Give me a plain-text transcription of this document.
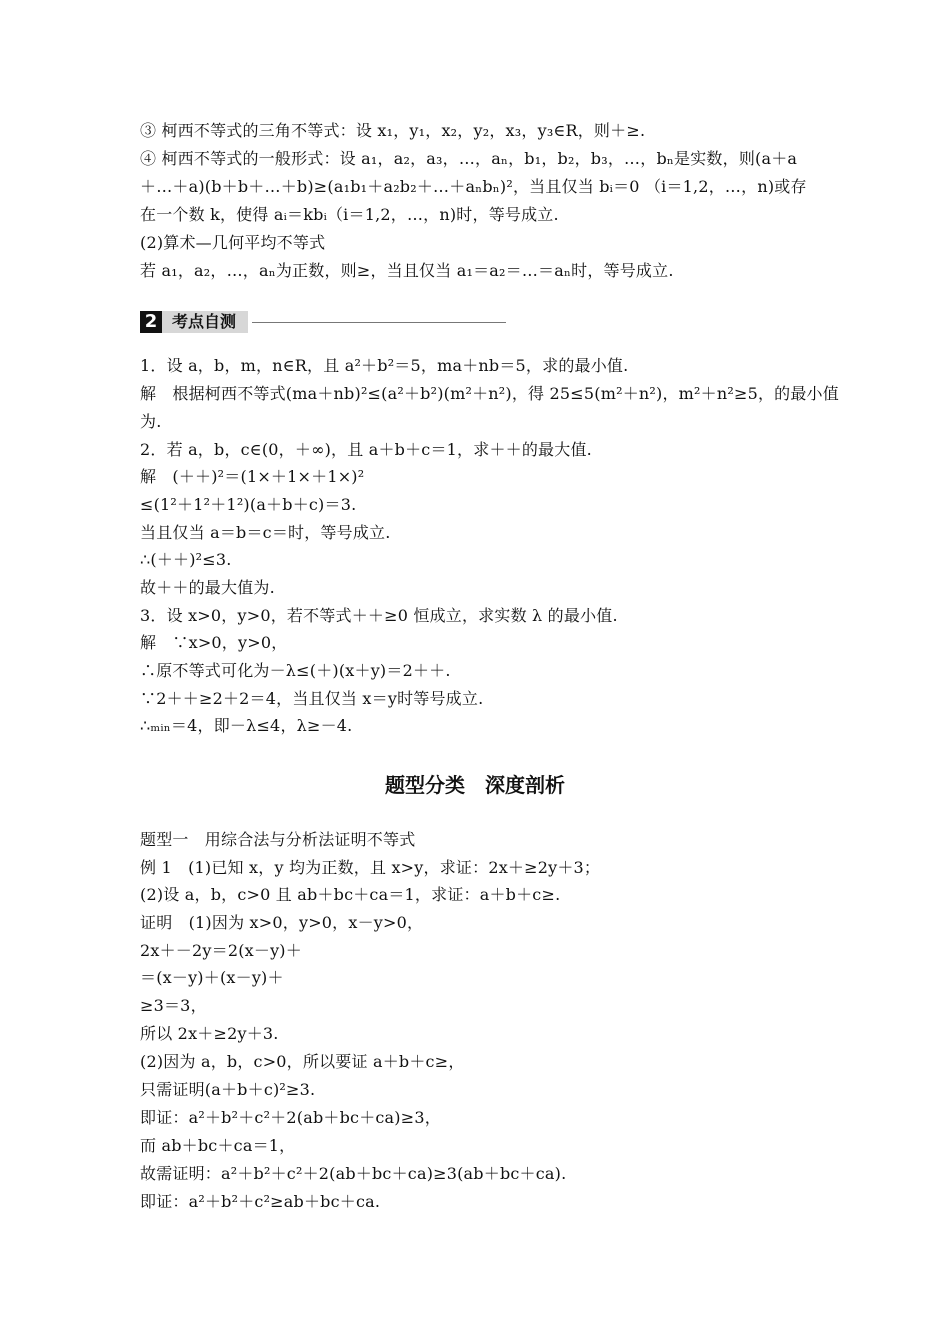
③ 柯西不等式的三角不等式：设 x₁，y₁，x₂，y₂，x₃，y₃∈R，则＋≥.
④ 柯西不等式的一般形式：设 a₁，a₂，a₃，…，aₙ，b₁，b₂，b₃，…，bₙ是实数，则(a＋a
＋…＋a)(b＋b＋…＋b)≥(a₁b₁＋a₂b₂＋…＋aₙbₙ)²，当且仅当 bᵢ＝0 （i＝1,2，…，n)或存
在一个数 k，使得 aᵢ＝kbᵢ（i＝1,2，…，n)时，等号成立.
(2)算术—几何平均不等式
若 a₁，a₂，…，aₙ为正数，则≥，当且仅当 a₁＝a₂＝…＝aₙ时，等号成立.
2 考点自测
1．设 a，b，m，n∈R，且 a²＋b²＝5，ma＋nb＝5，求的最小值.
解　根据柯西不等式(ma＋nb)²≤(a²＋b²)(m²＋n²)，得 25≤5(m²＋n²)，m²＋n²≥5，的最小值
为.
2．若 a，b，c∈(0，＋∞)，且 a＋b＋c＝1，求＋＋的最大值.
解　(＋＋)²＝(1×＋1×＋1×)²
≤(1²＋1²＋1²)(a＋b＋c)＝3.
当且仅当 a＝b＝c＝时，等号成立.
∴(＋＋)²≤3.
故＋＋的最大值为.
3．设 x>0，y>0，若不等式＋＋≥0 恒成立，求实数 λ 的最小值.
解　∵x>0，y>0，
∴原不等式可化为－λ≤(＋)(x＋y)＝2＋＋.
∵2＋＋≥2＋2＝4，当且仅当 x＝y时等号成立.
∴ₘᵢₙ＝4，即－λ≤4，λ≥－4.
题型分类　深度剖析
题型一　用综合法与分析法证明不等式
例 1　(1)已知 x，y 均为正数，且 x>y，求证：2x＋≥2y＋3；
(2)设 a，b，c>0 且 ab＋bc＋ca＝1，求证：a＋b＋c≥.
证明　(1)因为 x>0，y>0，x－y>0，
2x＋－2y＝2(x－y)＋
＝(x－y)＋(x－y)＋
≥3＝3，
所以 2x＋≥2y＋3.
(2)因为 a，b，c>0，所以要证 a＋b＋c≥，
只需证明(a＋b＋c)²≥3.
即证：a²＋b²＋c²＋2(ab＋bc＋ca)≥3，
而 ab＋bc＋ca＝1，
故需证明：a²＋b²＋c²＋2(ab＋bc＋ca)≥3(ab＋bc＋ca).
即证：a²＋b²＋c²≥ab＋bc＋ca.
